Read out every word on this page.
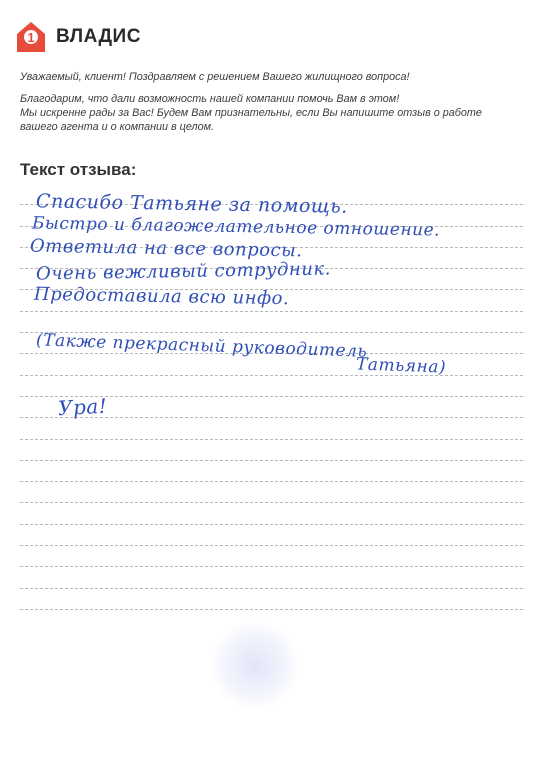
1 ВЛАДИС

Уважаемый, клиент! Поздравляем с решением Вашего жилищного вопроса!

Благодарим, что дали возможность нашей компании помочь Вам в этом!

Мы искренне рады за Вас! Будем Вам признательны, если Вы напишите отзыв о работе

вашего агента и о компании в целом.

Текст отзыва:
Спасибо Татьяне за помощь.
Быстро и благожелательное отношение.
Ответила на все вопросы.
Очень вежливый сотрудник.
Предоставила всю инфо.
(Также прекрасный руководитель
Татьяна)
Ура!
